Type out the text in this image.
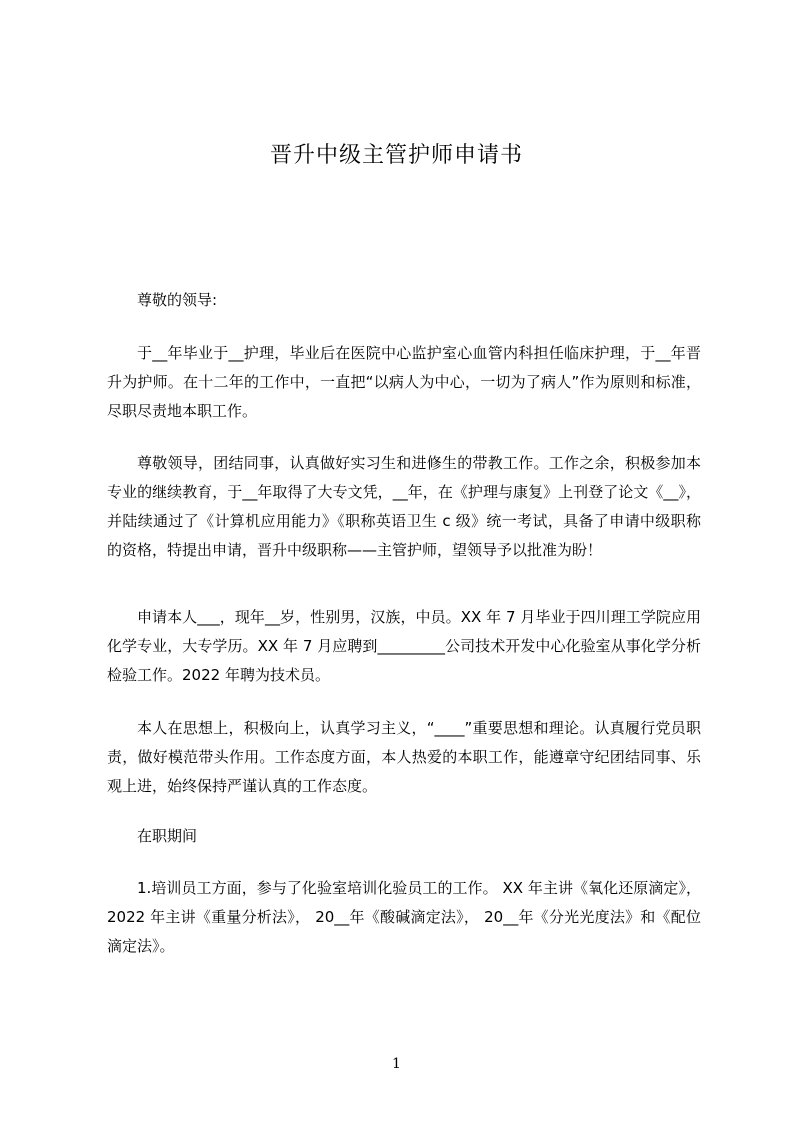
晋升中级主管护师申请书

尊敬的领导:

于__年毕业于__护理，毕业后在医院中心监护室心血管内科担任临床护理，于__年晋升为护师。在十二年的工作中，一直把“以病人为中心，一切为了病人”作为原则和标准，尽职尽责地本职工作。

尊敬领导，团结同事，认真做好实习生和进修生的带教工作。工作之余，积极参加本专业的继续教育，于__年取得了大专文凭，__年，在《护理与康复》上刊登了论文《__》，并陆续通过了《计算机应用能力》《职称英语卫生 c 级》统一考试，具备了申请中级职称的资格，特提出申请，晋升中级职称——主管护师，望领导予以批准为盼！

申请本人___，现年__岁，性别男，汉族，中员。XX 年 7 月毕业于四川理工学院应用化学专业，大专学历。XX 年 7 月应聘到_________公司技术开发中心化验室从事化学分析检验工作。2022 年聘为技术员。

本人在思想上，积极向上，认真学习主义，“____”重要思想和理论。认真履行党员职责，做好模范带头作用。工作态度方面，本人热爱的本职工作，能遵章守纪团结同事、乐观上进，始终保持严谨认真的工作态度。

在职期间

1.培训员工方面，参与了化验室培训化验员工的工作。 XX 年主讲《氧化还原滴定》，2022 年主讲《重量分析法》， 20__年《酸碱滴定法》， 20__年《分光光度法》和《配位滴定法》。

1
